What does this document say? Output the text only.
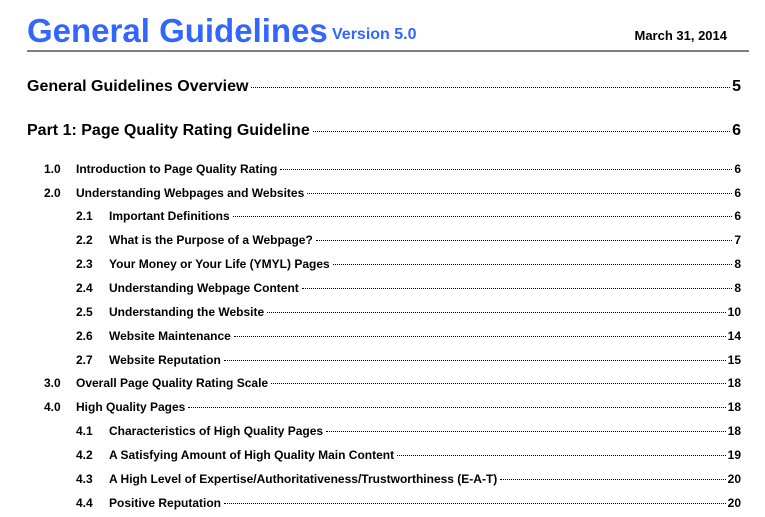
General Guidelines Version 5.0	March 31, 2014
General Guidelines Overview	5
Part 1: Page Quality Rating Guideline	6
1.0	Introduction to Page Quality Rating	6
2.0	Understanding Webpages and Websites	6
2.1	Important Definitions	6
2.2	What is the Purpose of a Webpage?	7
2.3	Your Money or Your Life (YMYL) Pages	8
2.4	Understanding Webpage Content	8
2.5	Understanding the Website	10
2.6	Website Maintenance	14
2.7	Website Reputation	15
3.0	Overall Page Quality Rating Scale	18
4.0	High Quality Pages	18
4.1	Characteristics of High Quality Pages	18
4.2	A Satisfying Amount of High Quality Main Content	19
4.3	A High Level of Expertise/Authoritativeness/Trustworthiness (E-A-T)	20
4.4	Positive Reputation	20
